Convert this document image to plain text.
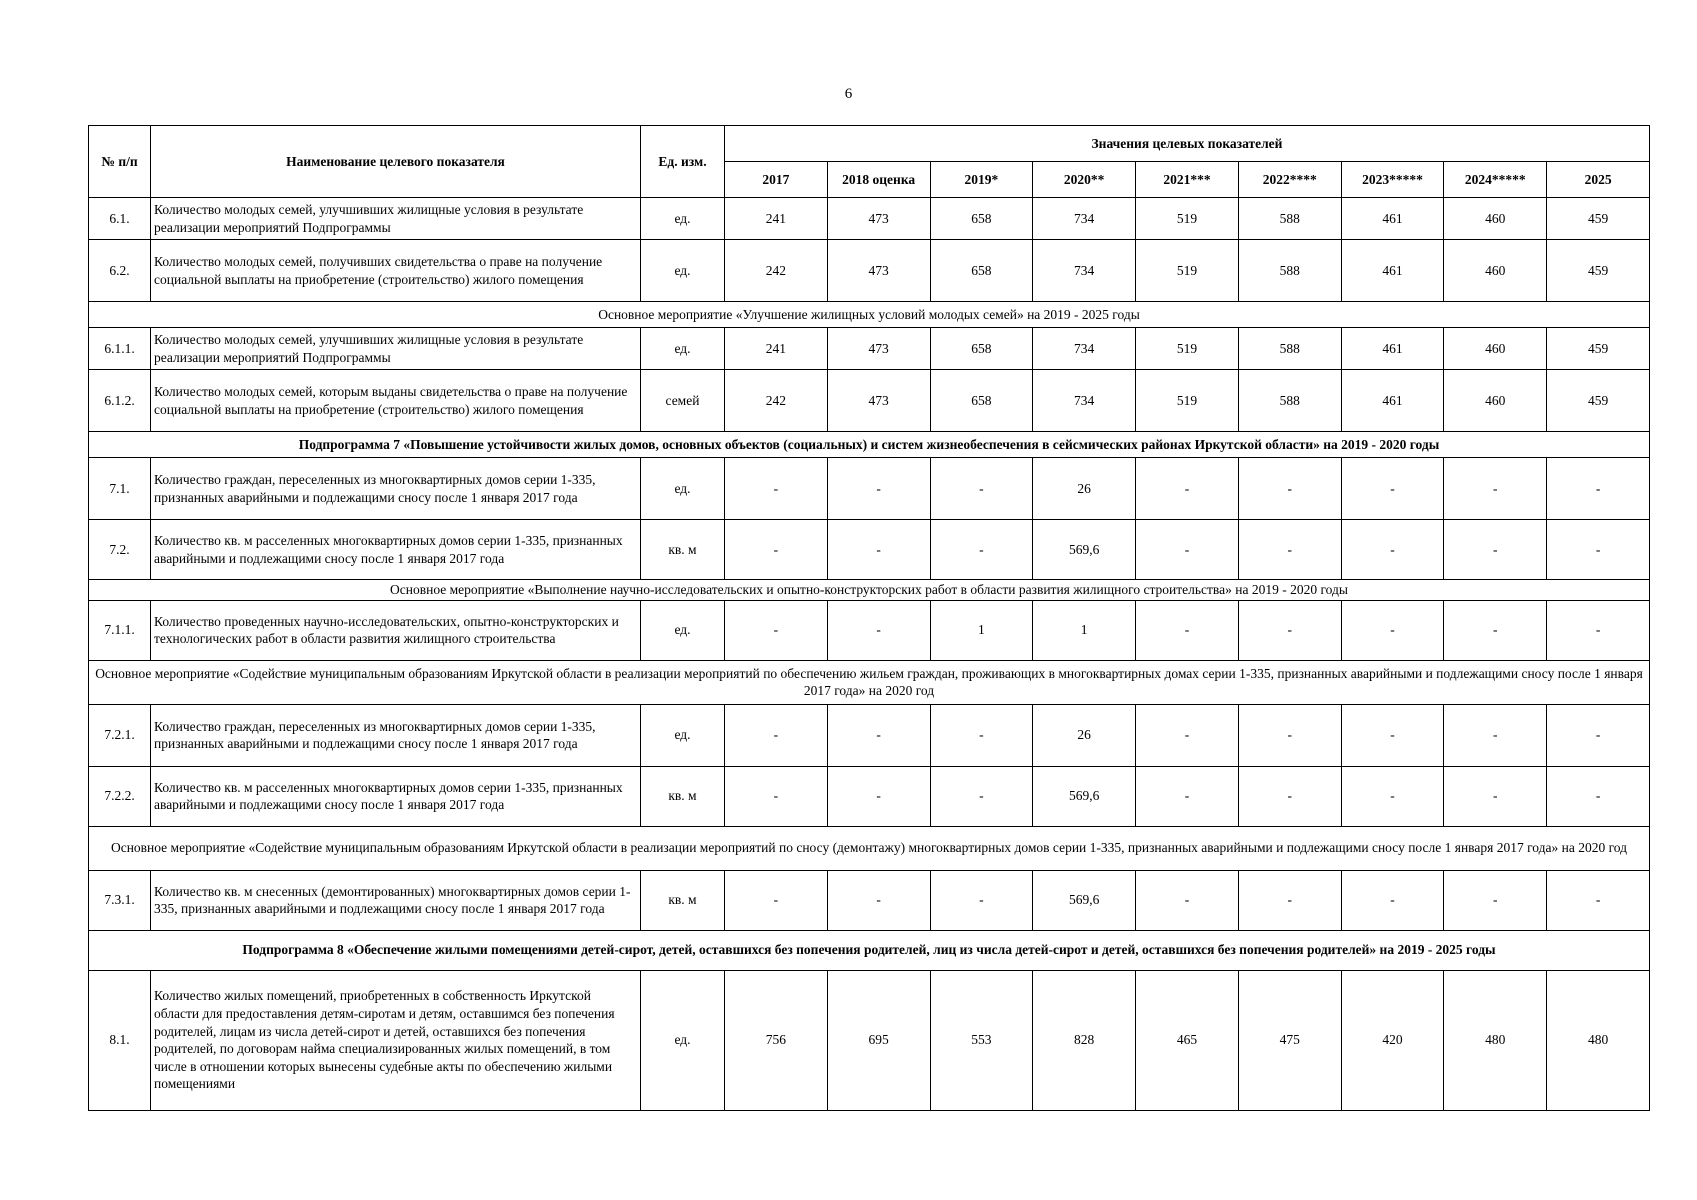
6
№ п/п	Наименование целевого показателя	Ед. изм.	Значения целевых показателей								
			2017	2018 оценка	2019*	2020**	2021***	2022****	2023*****	2024*****	2025
6.1.	Количество молодых семей, улучшивших жилищные условия в результате реализации мероприятий Подпрограммы	ед.	241	473	658	734	519	588	461	460	459
6.2.	Количество молодых семей, получивших свидетельства о праве на получение социальной выплаты на приобретение (строительство) жилого помещения	ед.	242	473	658	734	519	588	461	460	459
Основное мероприятие «Улучшение жилищных условий молодых семей» на 2019 - 2025 годы											
6.1.1.	Количество молодых семей, улучшивших жилищные условия в результате реализации мероприятий Подпрограммы	ед.	241	473	658	734	519	588	461	460	459
6.1.2.	Количество молодых семей, которым выданы свидетельства о праве на получение социальной выплаты на приобретение (строительство) жилого помещения	семей	242	473	658	734	519	588	461	460	459
Подпрограмма 7 «Повышение устойчивости жилых домов, основных объектов (социальных) и систем жизнеобеспечения в сейсмических районах Иркутской области» на 2019 - 2020 годы											
7.1.	Количество граждан, переселенных из многоквартирных домов серии 1-335, признанных аварийными и подлежащими сносу после 1 января 2017 года	ед.	-	-	-	26	-	-	-	-	-
7.2.	Количество кв. м расселенных многоквартирных домов серии 1-335, признанных аварийными и подлежащими сносу после 1 января 2017 года	кв. м	-	-	-	569,6	-	-	-	-	-
Основное мероприятие «Выполнение научно-исследовательских и опытно-конструкторских работ в области развития жилищного строительства» на 2019 - 2020 годы											
7.1.1.	Количество проведенных научно-исследовательских, опытно-конструкторских и технологических работ в области развития жилищного строительства	ед.	-	-	1	1	-	-	-	-	-
Основное мероприятие «Содействие муниципальным образованиям Иркутской области в реализации мероприятий по обеспечению жильем граждан, проживающих в многоквартирных домах серии 1-335, признанных аварийными и подлежащими сносу после 1 января 2017 года» на 2020 год											
7.2.1.	Количество граждан, переселенных из многоквартирных домов серии 1-335, признанных аварийными и подлежащими сносу после 1 января 2017 года	ед.	-	-	-	26	-	-	-	-	-
7.2.2.	Количество кв. м расселенных многоквартирных домов серии 1-335, признанных аварийными и подлежащими сносу после 1 января 2017 года	кв. м	-	-	-	569,6	-	-	-	-	-
Основное мероприятие «Содействие муниципальным образованиям Иркутской области в реализации мероприятий по сносу (демонтажу) многоквартирных домов серии 1-335, признанных аварийными и подлежащими сносу после 1 января 2017 года» на 2020 год											
7.3.1.	Количество кв. м снесенных (демонтированных) многоквартирных домов серии 1-335, признанных аварийными и подлежащими сносу после 1 января 2017 года	кв. м	-	-	-	569,6	-	-	-	-	-
Подпрограмма 8 «Обеспечение жилыми помещениями детей-сирот, детей, оставшихся без попечения родителей, лиц из числа детей-сирот и детей, оставшихся без попечения родителей» на 2019 - 2025 годы											
8.1.	Количество жилых помещений, приобретенных в собственность Иркутской области для предоставления детям-сиротам и детям, оставшимся без попечения родителей, лицам из числа детей-сирот и детей, оставшихся без попечения родителей, по договорам найма специализированных жилых помещений, в том числе в отношении которых вынесены судебные акты по обеспечению жилыми помещениями	ед.	756	695	553	828	465	475	420	480	480
